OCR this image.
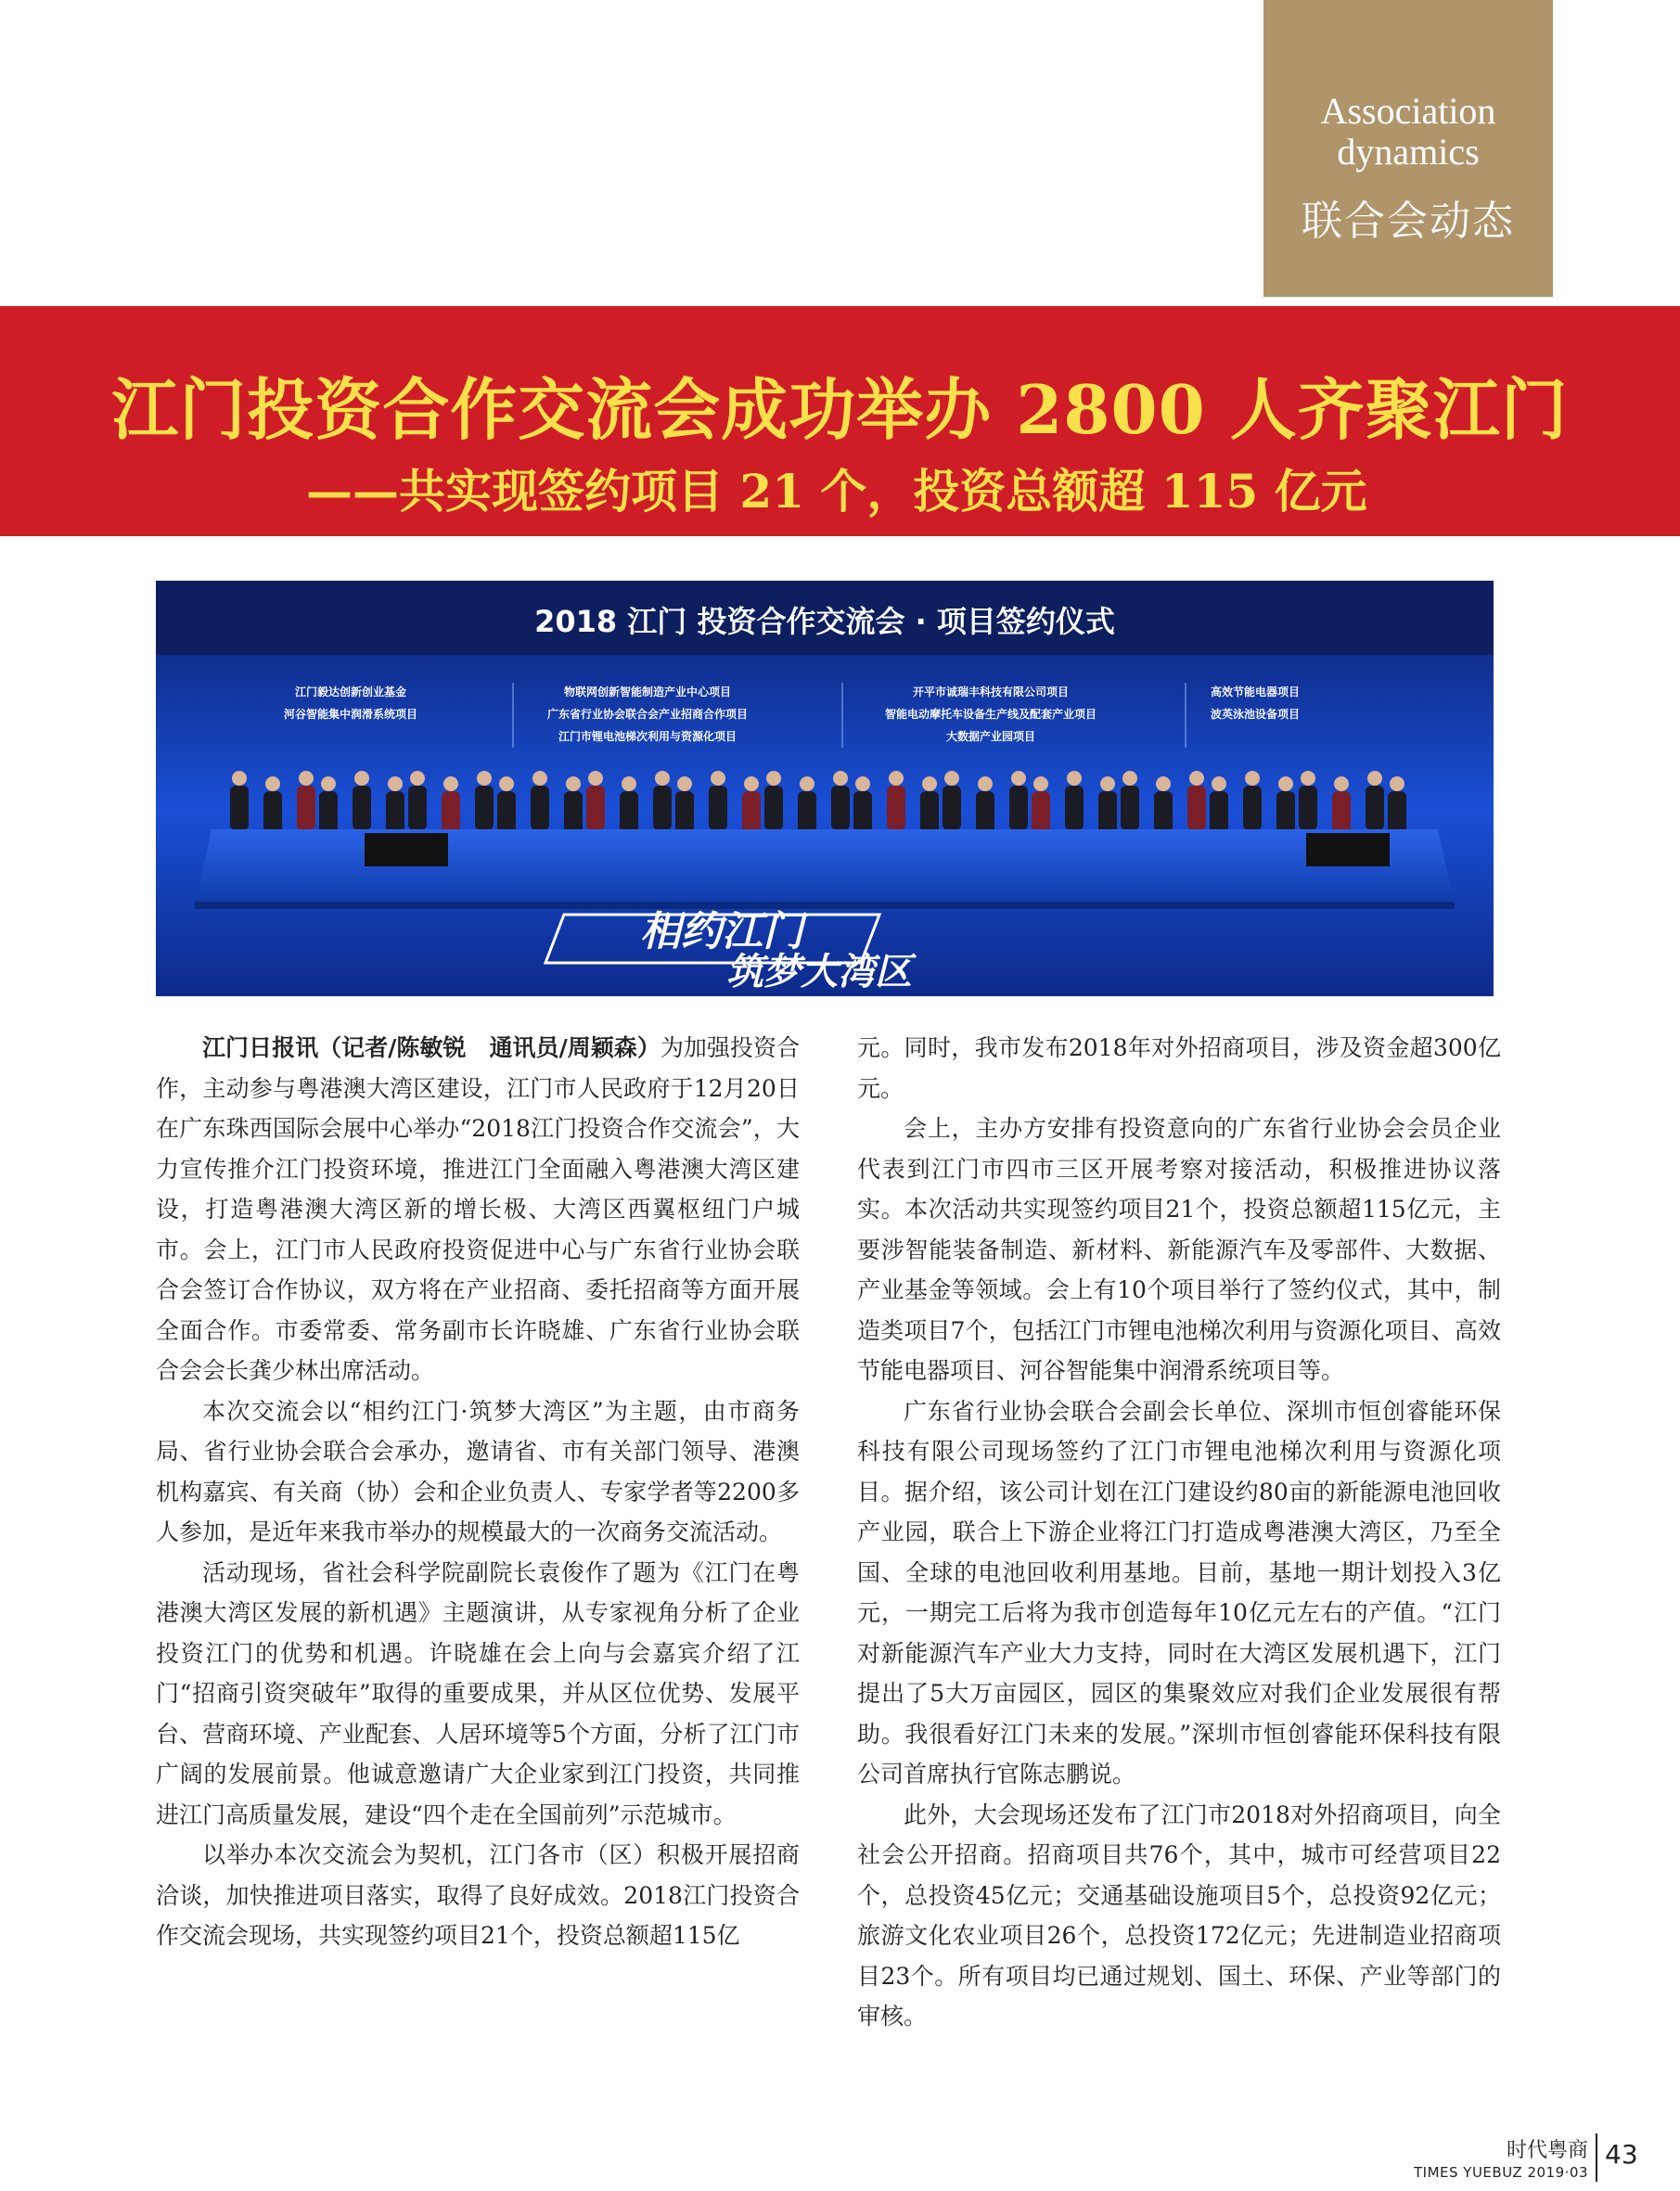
Association
dynamics
联合会动态
江门投资合作交流会成功举办 2800 人齐聚江门
——共实现签约项目 21 个，投资总额超 115 亿元
2018 江门 投资合作交流会 · 项目签约仪式
江门毅达创新创业基金
河谷智能集中润滑系统项目
物联网创新智能制造产业中心项目
广东省行业协会联合会产业招商合作项目
江门市锂电池梯次利用与资源化项目
开平市诚瑞丰科技有限公司项目
智能电动摩托车设备生产线及配套产业项目
大数据产业园项目
高效节能电器项目
波英泳池设备项目
相约江门
筑梦大湾区

江门日报讯（记者/陈敏锐　通讯员/周颖森）为加强投资合作，主动参与粤港澳大湾区建设，江门市人民政府于12月20日在广东珠西国际会展中心举办“2018江门投资合作交流会”，大力宣传推介江门投资环境，推进江门全面融入粤港澳大湾区建设，打造粤港澳大湾区新的增长极、大湾区西翼枢纽门户城市。会上，江门市人民政府投资促进中心与广东省行业协会联合会签订合作协议，双方将在产业招商、委托招商等方面开展全面合作。市委常委、常务副市长许晓雄、广东省行业协会联合会会长龚少林出席活动。

本次交流会以“相约江门·筑梦大湾区”为主题，由市商务局、省行业协会联合会承办，邀请省、市有关部门领导、港澳机构嘉宾、有关商（协）会和企业负责人、专家学者等2200多人参加，是近年来我市举办的规模最大的一次商务交流活动。

活动现场，省社会科学院副院长袁俊作了题为《江门在粤港澳大湾区发展的新机遇》主题演讲，从专家视角分析了企业投资江门的优势和机遇。许晓雄在会上向与会嘉宾介绍了江门“招商引资突破年”取得的重要成果，并从区位优势、发展平台、营商环境、产业配套、人居环境等5个方面，分析了江门市广阔的发展前景。他诚意邀请广大企业家到江门投资，共同推进江门高质量发展，建设“四个走在全国前列”示范城市。

以举办本次交流会为契机，江门各市（区）积极开展招商洽谈，加快推进项目落实，取得了良好成效。2018江门投资合作交流会现场，共实现签约项目21个，投资总额超115亿

元。同时，我市发布2018年对外招商项目，涉及资金超300亿元。

会上，主办方安排有投资意向的广东省行业协会会员企业代表到江门市四市三区开展考察对接活动，积极推进协议落实。本次活动共实现签约项目21个，投资总额超115亿元，主要涉智能装备制造、新材料、新能源汽车及零部件、大数据、产业基金等领域。会上有10个项目举行了签约仪式，其中，制造类项目7个，包括江门市锂电池梯次利用与资源化项目、高效节能电器项目、河谷智能集中润滑系统项目等。

广东省行业协会联合会副会长单位、深圳市恒创睿能环保科技有限公司现场签约了江门市锂电池梯次利用与资源化项目。据介绍，该公司计划在江门建设约80亩的新能源电池回收产业园，联合上下游企业将江门打造成粤港澳大湾区，乃至全国、全球的电池回收利用基地。目前，基地一期计划投入3亿元，一期完工后将为我市创造每年10亿元左右的产值。“江门对新能源汽车产业大力支持，同时在大湾区发展机遇下，江门提出了5大万亩园区，园区的集聚效应对我们企业发展很有帮助。我很看好江门未来的发展。”深圳市恒创睿能环保科技有限公司首席执行官陈志鹏说。

此外，大会现场还发布了江门市2018对外招商项目，向全社会公开招商。招商项目共76个，其中，城市可经营项目22个，总投资45亿元；交通基础设施项目5个，总投资92亿元；旅游文化农业项目26个，总投资172亿元；先进制造业招商项目23个。所有项目均已通过规划、国土、环保、产业等部门的审核。

时代粤商
TIMES YUEBUZ 2019·03
43
